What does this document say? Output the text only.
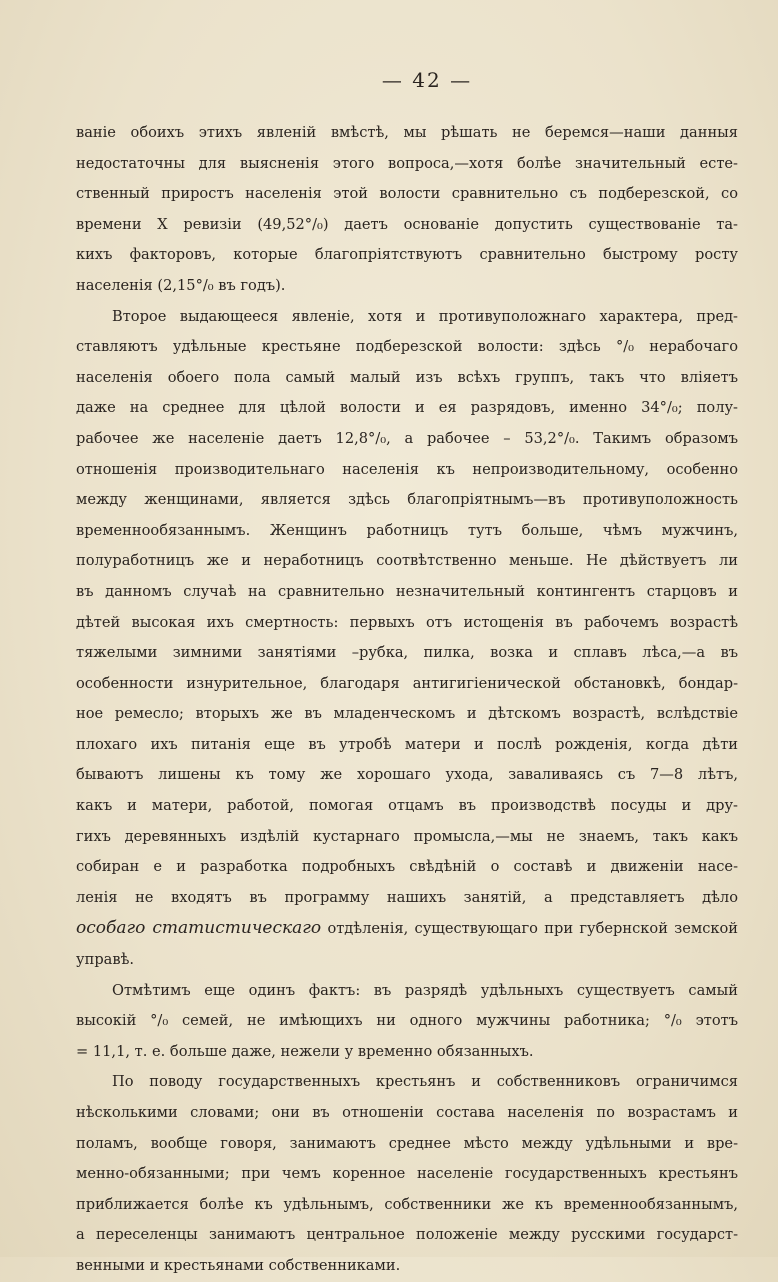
— 42 —
ваніе обоихъ этихъ явленій вмѣстѣ, мы рѣшать не беремся—наши данныя
недостаточны для выясненія этого вопроса,—хотя болѣе значительный есте-
ственный приростъ населенія этой волости сравнительно съ подберезской, со
времени X ревизіи (49,52°/₀) даетъ основаніе допустить существованіе та-
кихъ факторовъ, которые благопріятствуютъ сравнительно быстрому росту
населенія (2,15°/₀ въ годъ).
Второе выдающееся явленіе, хотя и противуположнаго характера, пред-
ставляютъ удѣльные крестьяне подберезской волости: здѣсь °/₀ нерабочаго
населенія обоего пола самый малый изъ всѣхъ группъ, такъ что вліяетъ
даже на среднее для цѣлой волости и ея разрядовъ, именно 34°/₀; полу-
рабочее же населеніе даетъ 12,8°/₀, а рабочее – 53,2°/₀. Такимъ образомъ
отношенія производительнаго населенія къ непроизводительному, особенно
между женщинами, является здѣсь благопріятнымъ—въ противуположность
временнообязаннымъ. Женщинъ работницъ тутъ больше, чѣмъ мужчинъ,
полуработницъ же и неработницъ соотвѣтственно меньше. Не дѣйствуетъ ли
въ данномъ случаѣ на сравнительно незначительный контингентъ старцовъ и
дѣтей высокая ихъ смертность: первыхъ отъ истощенія въ рабочемъ возрастѣ
тяжелыми зимними занятіями –рубка, пилка, возка и сплавъ лѣса,—а въ
особенности изнурительное, благодаря антигигіенической обстановкѣ, бондар-
ное ремесло; вторыхъ же въ младенческомъ и дѣтскомъ возрастѣ, вслѣдствіе
плохаго ихъ питанія еще въ утробѣ матери и послѣ рожденія, когда дѣти
бываютъ лишены къ тому же хорошаго ухода, заваливаясь съ 7—8 лѣтъ,
какъ и матери, работой, помогая отцамъ въ производствѣ посуды и дру-
гихъ деревянныхъ издѣлій кустарнаго промысла,—мы не знаемъ, такъ какъ
собиран е и разработка подробныхъ свѣдѣній о составѣ и движеніи насе-
ленія не входятъ въ программу нашихъ занятій, а представляетъ дѣло
особаго статистическаго отдѣленія, существующаго при губернской земской
управѣ.
Отмѣтимъ еще одинъ фактъ: въ разрядѣ удѣльныхъ существуетъ самый
высокій °/₀ семей, не имѣющихъ ни одного мужчины работника; °/₀ этотъ
= 11,1, т. е. больше даже, нежели у временно обязанныхъ.
По поводу государственныхъ крестьянъ и собственниковъ ограничимся
нѣсколькими словами; они въ отношеніи состава населенія по возрастамъ и
поламъ, вообще говоря, занимаютъ среднее мѣсто между удѣльными и вре-
менно-обязанными; при чемъ коренное населеніе государственныхъ крестьянъ
приближается болѣе къ удѣльнымъ, собственники же къ временнообязаннымъ,
а переселенцы занимаютъ центральное положеніе между русскими государст-
венными и крестьянами собственниками.
